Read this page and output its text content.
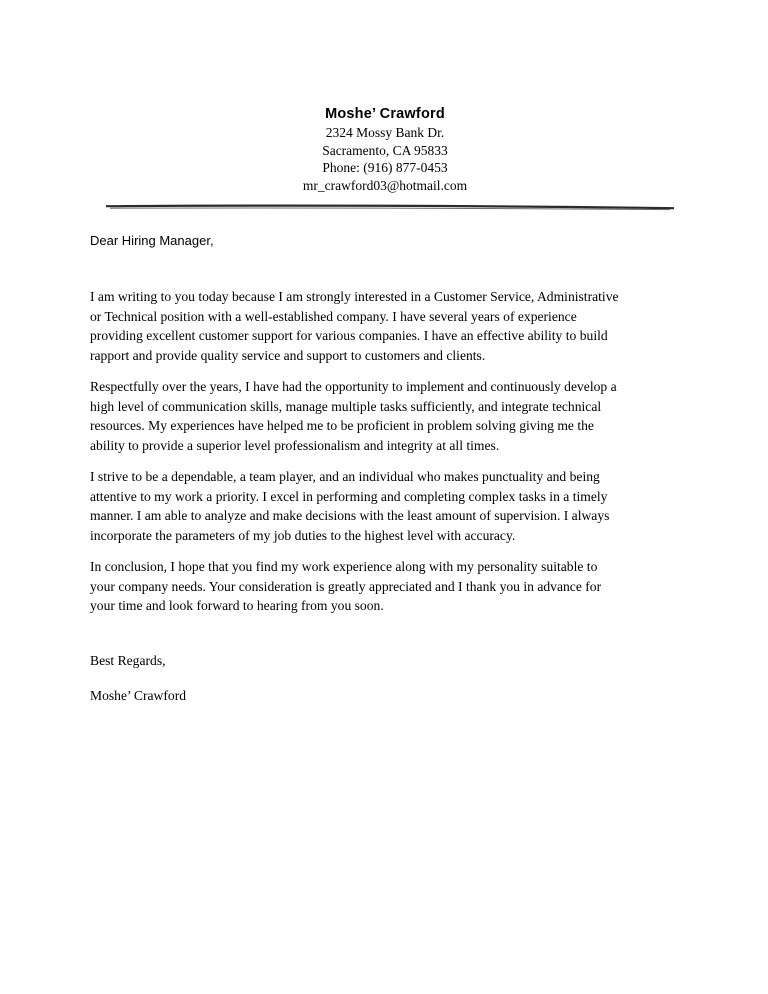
Moshe’ Crawford
2324 Mossy Bank Dr.
Sacramento, CA 95833
Phone: (916) 877-0453
mr_crawford03@hotmail.com
Dear Hiring Manager,
I am writing to you today because I am strongly interested in a Customer Service, Administrative
or Technical position with a well-established company. I have several years of experience
providing excellent customer support for various companies. I have an effective ability to build
rapport and provide quality service and support to customers and clients.
Respectfully over the years, I have had the opportunity to implement and continuously develop a
high level of communication skills, manage multiple tasks sufficiently, and integrate technical
resources. My experiences have helped me to be proficient in problem solving giving me the
ability to provide a superior level professionalism and integrity at all times.
I strive to be a dependable, a team player, and an individual who makes punctuality and being
attentive to my work a priority. I excel in performing and completing complex tasks in a timely
manner. I am able to analyze and make decisions with the least amount of supervision. I always
incorporate the parameters of my job duties to the highest level with accuracy.
In conclusion, I hope that you find my work experience along with my personality suitable to
your company needs. Your consideration is greatly appreciated and I thank you in advance for
your time and look forward to hearing from you soon.
Best Regards,
Moshe’ Crawford
